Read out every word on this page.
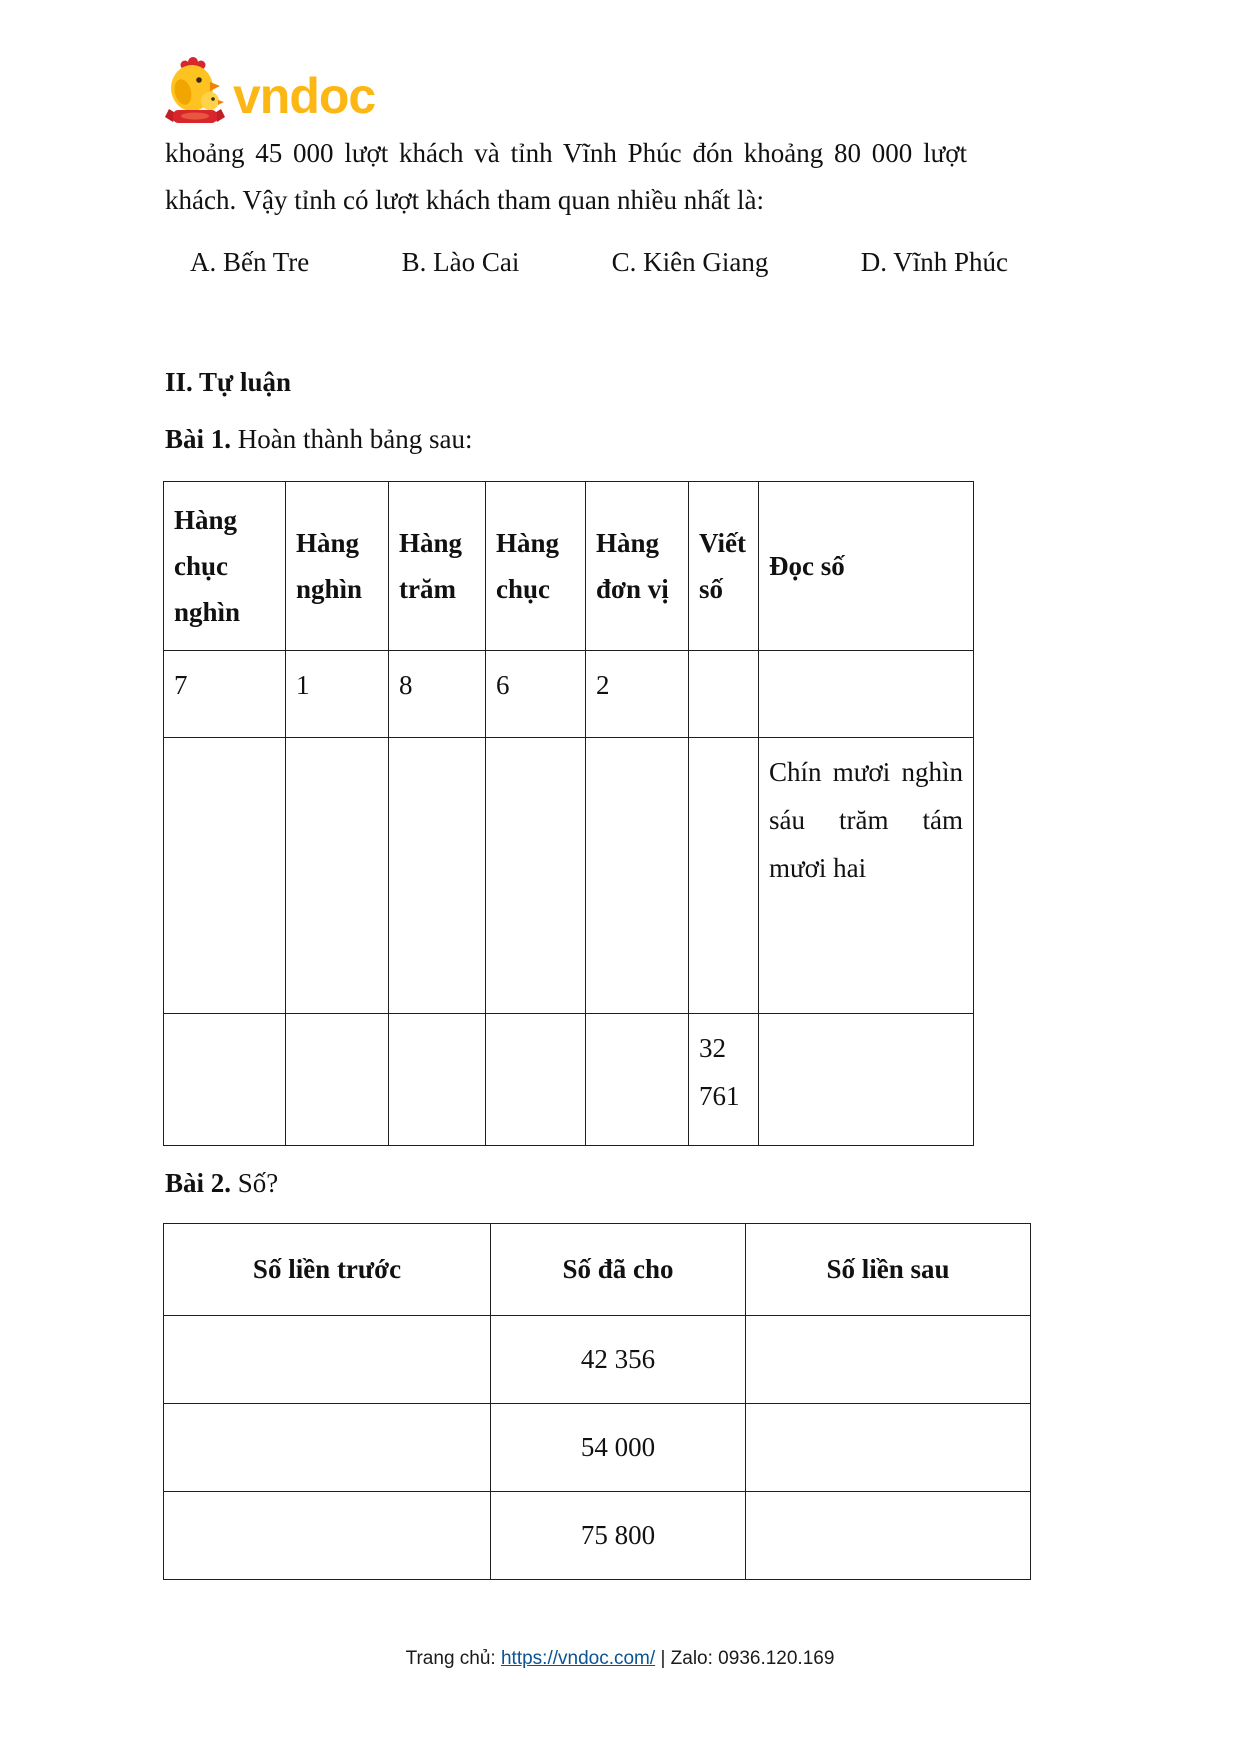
vndoc

khoảng 45 000 lượt khách và tỉnh Vĩnh Phúc đón khoảng 80 000 lượt khách. Vậy tỉnh có lượt khách tham quan nhiều nhất là:

A. Bến Tre	B. Lào Cai	C. Kiên Giang	D. Vĩnh Phúc
II. Tự luận
Bài 1. Hoàn thành bảng sau:
Hàng chục nghìn	Hàng nghìn	Hàng trăm	Hàng chục	Hàng đơn vị	Viết số	Đọc số
7	1	8	6	2		
						Chín mươi nghìn sáu trăm tám mươi hai
					32 761	
Bài 2. Số?
Số liền trước	Số đã cho	Số liền sau
	42 356	
	54 000	
	75 800	
Trang chủ: https://vndoc.com/ | Zalo: 0936.120.169
